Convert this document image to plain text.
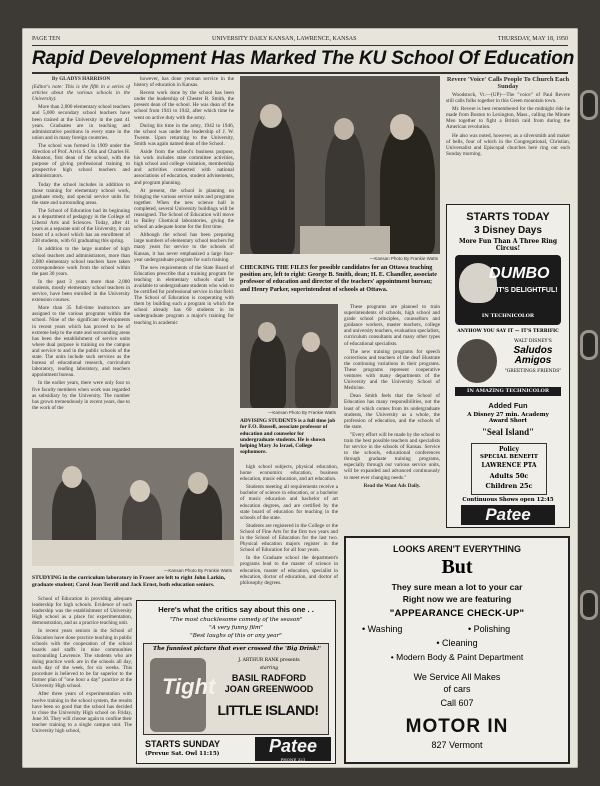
PAGE TEN	UNIVERSITY DAILY KANSAN, LAWRENCE, KANSAS	THURSDAY, MAY 18, 1950
Rapid Development Has Marked The KU School Of Education

By GLADYS HARRISON

(Editor's note: This is the fifth in a series of articles about the various schools in the University).

More than 2,000 elementary school teachers and 5,000 secondary school teachers have been trained at the University in the past 41 years. Graduates are in teaching and administrative positions in every state in the union and in many foreign countries.

The school was formed in 1909 under the direction of Prof. Arvin S. Olin and Charles H. Johnston, first dean of the school, with the purpose of giving professional training to prospective high school teachers and administrators.

Today the school includes in addition to those training for elementary school work, graduate study, and special service units for the state and surrounding areas.

The School of Education had its beginning as a department of pedagogy in the College of Liberal Arts and Sciences. Today, after 41 years as a separate unit of the University, it can boast of a school which has an enrollment of 238 students, with 61 graduating this spring.

In addition to the large number of high school teachers and administrators, more than 2,000 elementary school teachers have taken correspondence work from the school within the past 30 years.

In the past 3 years more than 2,000 students, mostly elementary school teachers in service, have been enrolled in the University extension courses.

More than 35 full-time instructors are assigned to the various programs within the school. Nine of the significant developments in recent years which has proved to be of extreme help to the state and surrounding areas has been the establishment of service units where dual purpose is training on the campus and service to and in the public schools of the state. The units include such services as the bureau of educational research, curriculum laboratory, reading laboratory, and teachers appointment bureau.

In the earlier years, there were only four to five faculty members when work was regarded as subsidiary by the University. The number has grown tremendously in recent years, due to the work of the

however, has done yeoman service in the history of education in Kansas.

Recent work done by the school has been under the leadership of Chester B. Smith, the present dean of the school. He was dean of the school from 1941 to 1942, after which time he went on active duty with the army.

During his time in the army, 1942 to 1946, the school was under the leadership of J. W. Twente. Upon returning to the University, Smith was again named dean of the School.

Aside from the school's business purpose, his work includes state committee activities, high school and college visitation, membership and activities connected with national associations of education, student advisements, and program planning.

At present, the school is planning on bringing the various service units and programs together. When the new science hall is completed, several University buildings will be reassigned. The School of Education will move to Bailey Chemical laboratories, giving the school an adequate home for the first time.

Although the school has been preparing large numbers of elementary school teachers for many years for service to the schools of Kansas, it has never emphasized a large four-year undergraduate program for such training.

The new requirements of the State Board of Education prescribe that a training program for teaching in elementary schools shall be available to undergraduate students who wish to be certified for professional service in that field. The School of Education is cooperating with them by building such a program in which the school already has 60 students in its undergraduate program a major's training for teaching in academic

—Kansan Photo By Frankie Watts
CHECKING THE FILES for possible candidates for an Ottawa teaching position are, left to right: George B. Smith, dean; H. E. Chandler, associate professor of education and director of the teachers' appointment bureau; and Henry Parker, superintendent of schools at Ottawa.
—Kansan Photo By Frankie Watts
ADVISING STUDENTS is a full time job for F.O. Russell, associate professor of education and counselor for undergraduate students. He is shown helping Mary Jo Israel, College sophomore.

high school subjects, physical education, home economics education, business education, music education, and art education.

Students meeting all requirements receive a bachelor of science in education, or a bachelor of music education and bachelor of art education degrees, and are certified by the state board of education for teaching in the schools of the state.

Students are registered in the College or the School of Fine Arts for the first two years and in the School of Education for the last two. Physical education majors register in the School of Education for all four years.

In the Graduate school the department's programs lead to the master of science in education, master of education, specialist in education, doctor of education, and doctor of philosophy degrees.

These programs are planned to train superintendents of schools, high school and grade school principles, counsellors and guidance workers, master teachers, college and university teachers, evaluation specialists, curriculum consultants and many other types of educational specialists.

The new training programs for speech corrections and teachers of the deaf illustrate the continuing variations in their programs. These programs represent cooperative ventures with many departments of the University and the University School of Medicine.

Dean Smith feels that the School of Education has many responsibilities, not the least of which comes from its undergraduate students, the University as a whole, the profession of education, and the schools of the state.

"Every effort will be made by the school to train the best possible teachers and specialists for service in the schools of Kansas. Service to the schools, educational conferences through graduate training programs, especially through our various service units, will be expanded and advanced continuously to meet ever changing needs."

Read the Want Ads Daily.

—Kansan Photo By Frankie Watts
STUDYING in the curriculum laboratory in Fraser are left to right John Larkin, graduate student; Carol Jean Terrill and Jack Ernst, both education seniors.

School of Education in providing adequate leadership for high schools. Evidence of such leadership was the establishment of University High school as a place for experimentation, demonstration, and as a practice teaching unit.

In recent years seniors in the School of Education have done practice teaching in public schools with the cooperation of the school boards and staffs in nine communities surrounding Lawrence. The students who are doing practice work are in the schools all day, each day of the week, for six weeks. This procedure is believed to be far superior to the former plan of "one hour a day" practice at the University High school.

After three years of experimentation with twelve training in the school system, the results have been so good that the school has decided to close the University High school on Friday, June 30. They will choose again to confine their teacher training to a single campus unit. The University high school,

Here's what the critics say about this one . .
"The most chucklesome comedy of the season"
"A very funny film"
"Best laughs of this or any year"
The funniest picture that ever crossed the 'Big Drink!'
Tight
J. ARTHUR RANK presents
starring
BASIL RADFORD
JOAN GREENWOOD
LITTLE ISLAND!
STARTS SUNDAY
(Prevue Sat. Owl 11:15)	Patee
PHONE 321

Revere 'Voice' Calls People To Church Each Sunday

Woodstock, Vt.—(UP)—The "voice" of Paul Revere still calls folks together in this Green mountain town.

Mr. Revere is best remembered for the midnight ride he made from Boston to Lexington, Mass., calling the Minute Men together to fight a British raid from during the American revolution.

He also was noted, however, as a silversmith and maker of bells, four of which in the Congregational, Christian, Universalist and Episcopal churches here ring out each Sunday morning.

STARTS TODAY
3 Disney Days
More Fun Than A Three Ring Circus!
DUMBO
IT'S DELIGHTFUL!
IN TECHNICOLOR
ANYHOW YOU SAY IT — IT'S TERRIFIC
WALT DISNEY'S
Saludos Amigos
"GREETINGS FRIENDS"
IN AMAZING TECHNICOLOR
Added Fun
A Disney 27 min. Academy Award Short
"Seal Island"
Policy
SPECIAL BENEFIT
LAWRENCE PTA
Adults 50c
Children 25c
Continuous Shows open 12:45
Patee
LOOKS AREN'T EVERYTHING
But
They sure mean a lot to your car
Right now we are featuring
"APPEARANCE CHECK-UP"
• Washing	• Polishing
• Cleaning
• Modern Body & Paint Department
We Service All Makes
of cars
Call 607
MOTOR IN
827 Vermont
